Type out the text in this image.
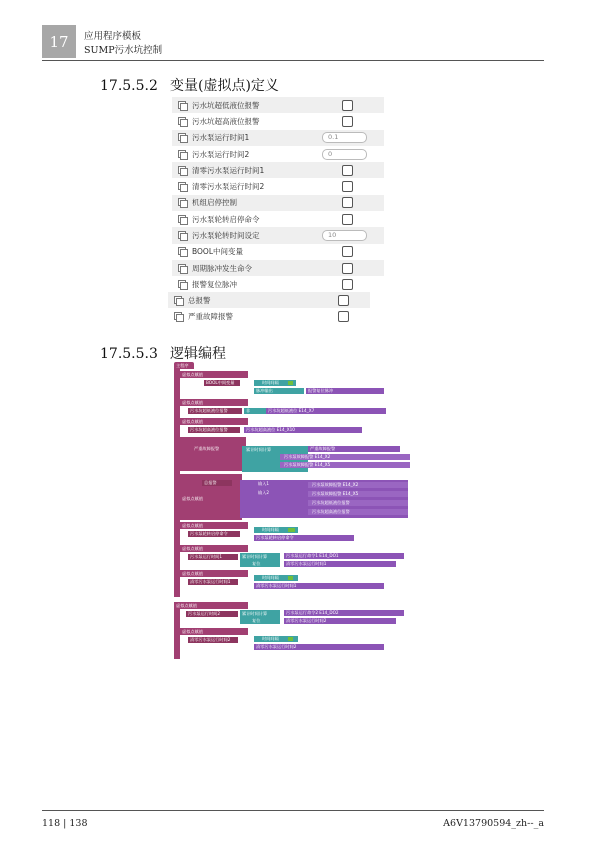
17 应用程序模板
SUMP污水坑控制
17.5.5.2 变量(虚拟点)定义
污水坑超低液位报警
污水坑超高液位报警
污水泵运行时间1	0.1
污水泵运行时间2	0
清零污水泵运行时间1
清零污水泵运行时间2
机组启停控制
污水泵轮转启停命令
污水泵轮转时间设定	10
BOOL中间变量
周期脉冲发生命令
报警复位脉冲
总报警
严重故障报警
17.5.5.3 逻辑编程
主程序
虚拟点赋值
BOOL中间变量	时间间隔
脉冲输出	报警复位脉冲
虚拟点赋值
污水坑超低液位报警	非	污水坑超低液位 E14_X7
虚拟点赋值
污水坑超高液位报警	污水坑超高液位 E14_X10
严重故障报警	累计时间计算	严重故障报警
污水泵故障报警 E14_X2
污水泵故障报警 E14_X5
虚拟点赋值
总报警	输入1
输入2
污水泵故障报警 E14_X2
污水泵故障报警 E14_X5
污水坑超低液位报警
污水坑超高液位报警
虚拟点赋值
污水泵轮转启停命令
时间间隔
污水泵轮转启停命令
虚拟点赋值
污水泵运行时间1	累计时间计算
复位
污水泵运行命令1 E14_DO1
清零污水泵运行时间1
虚拟点赋值
清零污水泵运行时间1
时间间隔
清零污水泵运行时间1
虚拟点赋值
污水泵运行时间2	累计时间计算
复位
污水泵运行命令2 E14_DO2
清零污水泵运行时间2
虚拟点赋值
清零污水泵运行时间2	时间间隔
清零污水泵运行时间2
118 | 138	A6V13790594_zh--_a
